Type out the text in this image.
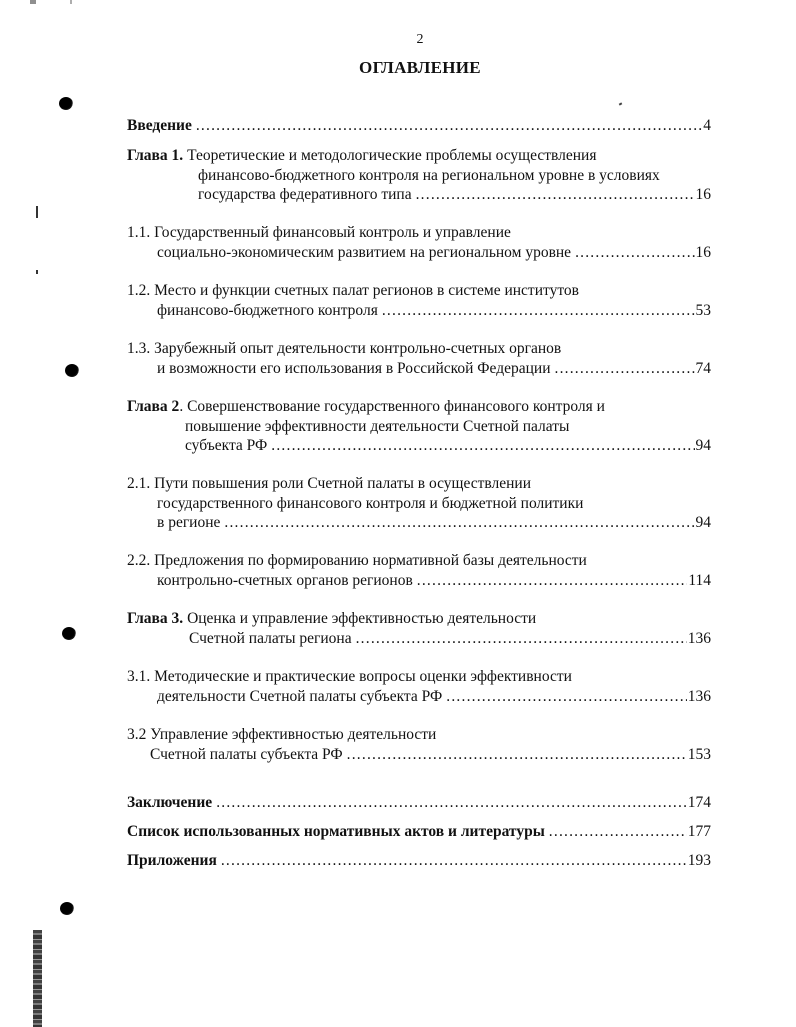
2
ОГЛАВЛЕНИЕ
Введение .....	4
Глава 1. Теоретические и методологические проблемы осуществления
финансово-бюджетного контроля на региональном уровне в условиях
государства федеративного типа .....	16
1.1. Государственный финансовый контроль и управление
социально-экономическим развитием на региональном уровне .....	16
1.2. Место и функции счетных палат регионов в системе институтов
финансово-бюджетного контроля .....	53
1.3. Зарубежный опыт деятельности контрольно-счетных органов
и возможности его использования в Российской Федерации .....	74
Глава 2. Совершенствование государственного финансового контроля и
повышение эффективности деятельности Счетной палаты
субъекта РФ .....	94
2.1. Пути повышения роли Счетной палаты в осуществлении
государственного финансового контроля и бюджетной политики
в регионе .....	94
2.2. Предложения по формированию нормативной базы деятельности
контрольно-счетных органов регионов .....	114
Глава 3. Оценка и управление эффективностью деятельности
Счетной палаты региона .....	136
3.1. Методические и практические вопросы оценки эффективности
деятельности Счетной палаты субъекта РФ .....	136
3.2 Управление эффективностью деятельности
Счетной палаты субъекта РФ .....	153
Заключение .....	174
Список использованных нормативных актов и литературы .....	177
Приложения .....	193
